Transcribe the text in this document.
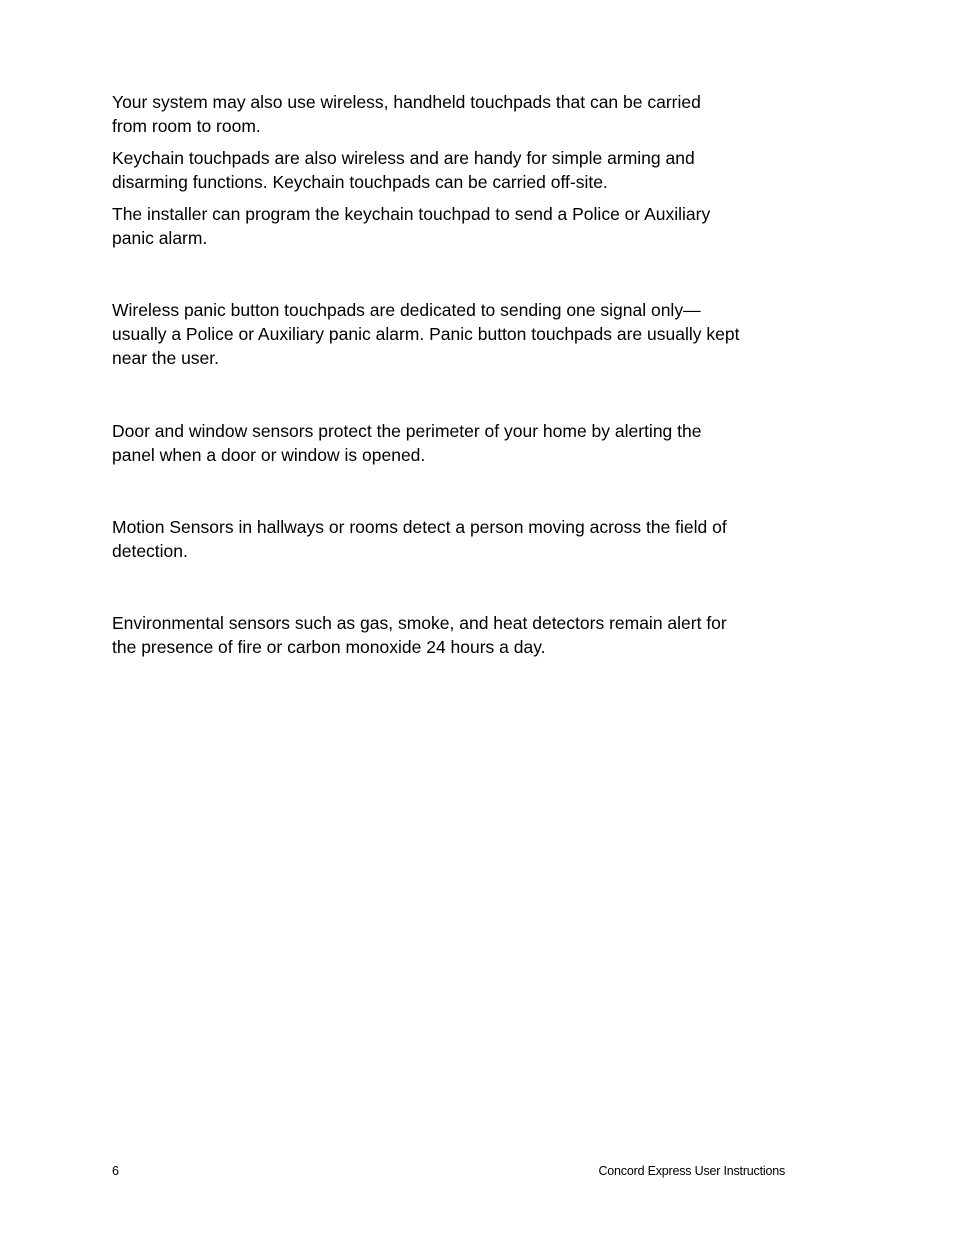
Your system may also use wireless, handheld touchpads that can be carried
from room to room.

Keychain touchpads are also wireless and are handy for simple arming and
disarming functions. Keychain touchpads can be carried off-site.

The installer can program the keychain touchpad to send a Police or Auxiliary
panic alarm.

Wireless panic button touchpads are dedicated to sending one signal only—
usually a Police or Auxiliary panic alarm. Panic button touchpads are usually kept
near the user.

Door and window sensors protect the perimeter of your home by alerting the
panel when a door or window is opened.

Motion Sensors in hallways or rooms detect a person moving across the field of
detection.

Environmental sensors such as gas, smoke, and heat detectors remain alert for
the presence of fire or carbon monoxide 24 hours a day.

6	Concord Express User Instructions
